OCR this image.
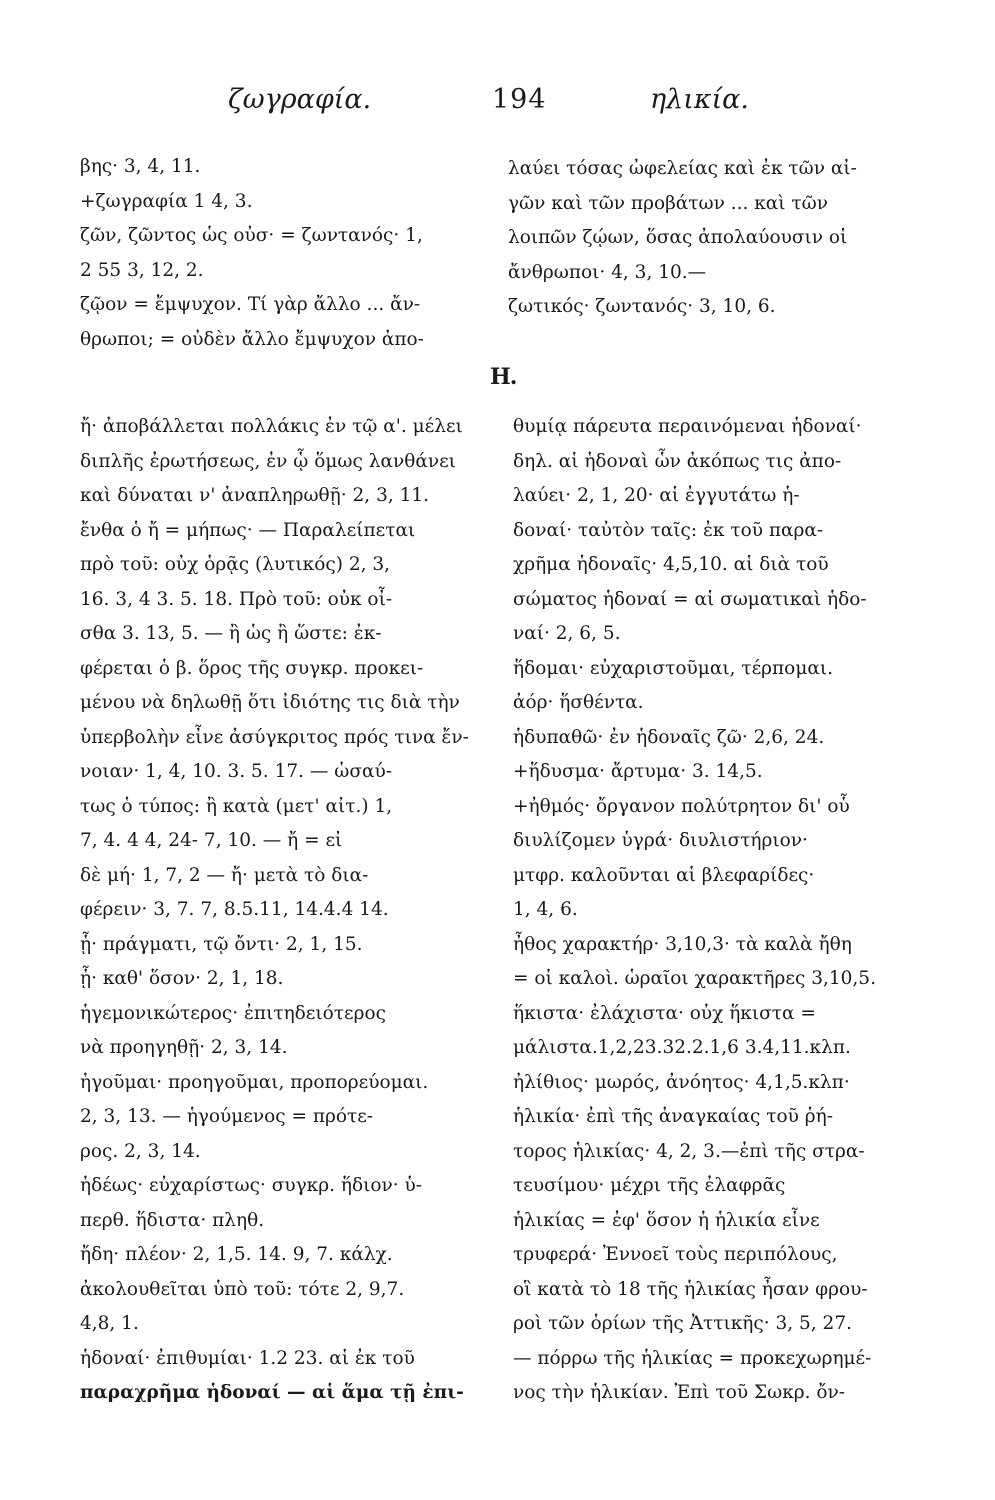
ζωγραφία.	194	ηλικία.
βης· 3, 4, 11.
+ζωγραφία 1 4, 3.
ζῶν, ζῶντος ὡς οὐσ· = ζωντανός· 1,
2 55 3, 12, 2.
ζῷον = ἔμψυχον. Τί γὰρ ἄλλο ... ἄν-
θρωποι; = οὐδὲν ἄλλο ἔμψυχον ἀπο-
λαύει τόσας ὠφελείας καὶ ἐκ τῶν αἰ-
γῶν καὶ τῶν προβάτων ... καὶ τῶν
λοιπῶν ζῴων, ὅσας ἀπολαύουσιν οἱ
ἄνθρωποι· 4, 3, 10.—
ζωτικός· ζωντανός· 3, 10, 6.
Η.
ἤ· ἀποβάλλεται πολλάκις ἐν τῷ α'. μέλει
διπλῆς ἐρωτήσεως, ἐν ᾧ ὅμως λανθάνει
καὶ δύναται ν' ἀναπληρωθῇ· 2, 3, 11.
ἔνθα ὁ ἤ = μήπως· — Παραλείπεται
πρὸ τοῦ: οὐχ ὁρᾷς (λυτικός) 2, 3,
16. 3, 4 3. 5. 18. Πρὸ τοῦ: οὐκ οἶ-
σθα 3. 13, 5. — ἢ ὡς ἢ ὥστε: ἐκ-
φέρεται ὁ β. ὅρος τῆς συγκρ. προκει-
μένου νὰ δηλωθῇ ὅτι ἰδιότης τις διὰ τὴν
ὑπερβολὴν εἶνε ἀσύγκριτος πρός τινα ἔν-
νοιαν· 1, 4, 10. 3. 5. 17. — ὡσαύ-
τως ὁ τύπος: ἢ κατὰ (μετ' αἰτ.) 1,
7, 4. 4 4, 24- 7, 10. — ἤ = εἰ
δὲ μή· 1, 7, 2 — ἤ· μετὰ τὸ δια-
φέρειν· 3, 7. 7, 8.5.11, 14.4.4 14.
ᾗ· πράγματι, τῷ ὄντι· 2, 1, 15.
ᾗ· καθ' ὅσον· 2, 1, 18.
ἡγεμονικώτερος· ἐπιτηδειότερος
νὰ προηγηθῇ· 2, 3, 14.
ἡγοῦμαι· προηγοῦμαι, προπορεύομαι.
2, 3, 13. — ἡγούμενος = πρότε-
ρος. 2, 3, 14.
ἡδέως· εὐχαρίστως· συγκρ. ἥδιον· ὑ-
περθ. ἥδιστα· πληθ.
ἤδη· πλέον· 2, 1,5. 14. 9, 7. κάλχ.
ἀκολουθεῖται ὑπὸ τοῦ: τότε 2, 9,7.
4,8, 1.
ἡδοναί· ἐπιθυμίαι· 1.2 23. αἱ ἐκ τοῦ
παραχρῆμα ἡδοναί — αἱ ἅμα τῇ ἐπι-
θυμίᾳ πάρευτα περαινόμεναι ἡδοναί·
δηλ. αἱ ἡδοναὶ ὧν ἀκόπως τις ἀπο-
λαύει· 2, 1, 20· αἱ ἐγγυτάτω ἡ-
δοναί· ταὐτὸν ταῖς: ἐκ τοῦ παρα-
χρῆμα ἡδοναῖς· 4,5,10. αἱ διὰ τοῦ
σώματος ἡδοναί = αἱ σωματικαὶ ἡδο-
ναί· 2, 6, 5.
ἥδομαι· εὐχαριστοῦμαι, τέρπομαι.
ἀόρ· ἥσθέντα.
ἡδυπαθῶ· ἐν ἡδοναῖς ζῶ· 2,6, 24.
+ἥδυσμα· ἄρτυμα· 3. 14,5.
+ἠθμός· ὄργανον πολύτρητον δι' οὗ
διυλίζομεν ὑγρά· διυλιστήριον·
μτφρ. καλοῦνται αἱ βλεφαρίδες·
1, 4, 6.
ἦθος χαρακτήρ· 3,10,3· τὰ καλὰ ἤθη
= οἱ καλοὶ. ὡραῖοι χαρακτῆρες 3,10,5.
ἥκιστα· ἐλάχιστα· οὐχ ἥκιστα =
μάλιστα.1,2,23.32.2.1,6 3.4,11.κλπ.
ἠλίθιος· μωρός, ἀνόητος· 4,1,5.κλπ·
ἡλικία· ἐπὶ τῆς ἀναγκαίας τοῦ ῥή-
τορος ἡλικίας· 4, 2, 3.—ἐπὶ τῆς στρα-
τευσίμου· μέχρι τῆς ἐλαφρᾶς
ἡλικίας = ἐφ' ὅσον ἡ ἡλικία εἶνε
τρυφερά· Ἐννοεῖ τοὺς περιπόλους,
οἳ κατὰ τὸ 18 τῆς ἡλικίας ἦσαν φρου-
ροὶ τῶν ὁρίων τῆς Ἀττικῆς· 3, 5, 27.
— πόρρω τῆς ἡλικίας = προκεχωρημέ-
νος τὴν ἡλικίαν. Ἐπὶ τοῦ Σωκρ. ὄν-
